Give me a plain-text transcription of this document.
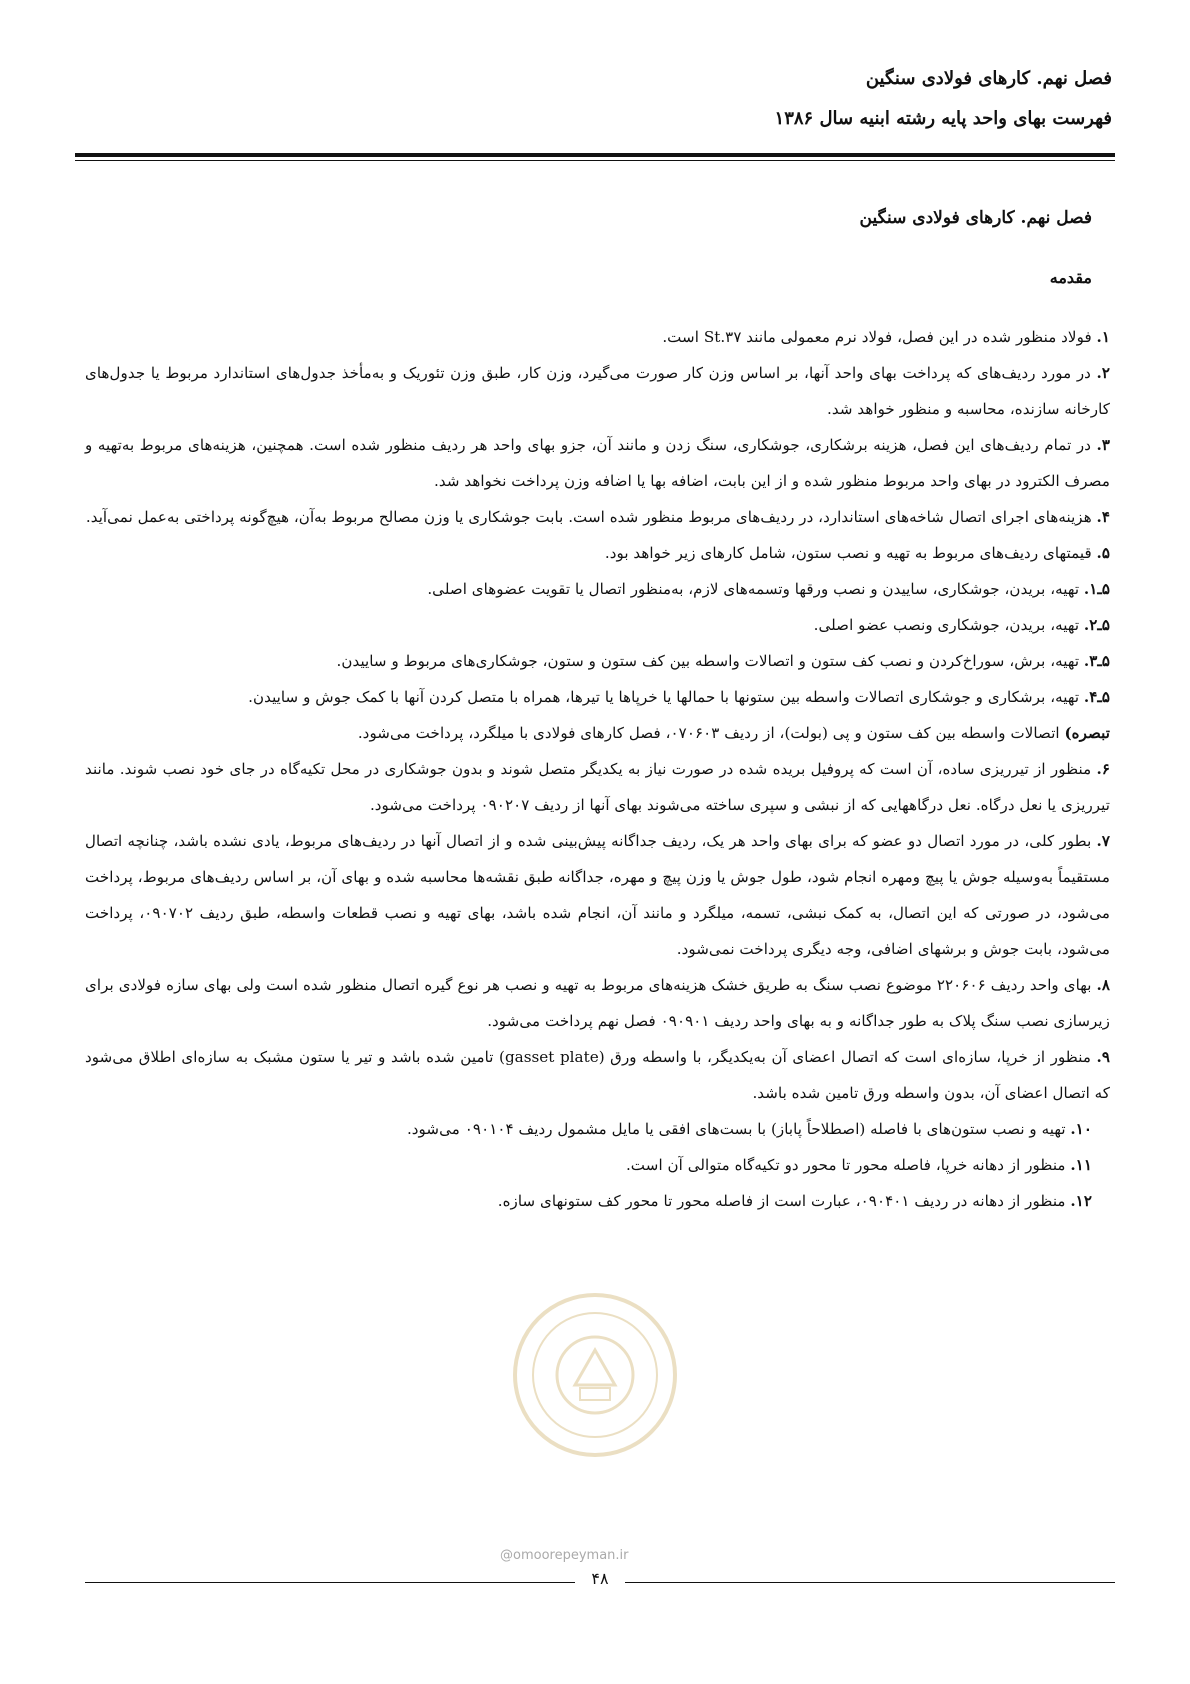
فصل نهم. کارهای فولادی سنگین
فهرست بهای واحد پایه رشته ابنیه سال ۱۳۸۶
فصل نهم. کارهای فولادی سنگین
مقدمه

۱. فولاد منظور شده در این فصل، فولاد نرم معمولی مانند St.۳۷ است.

۲. در مورد ردیف‌های که پرداخت بهای واحد آنها، بر اساس وزن کار صورت می‌گیرد، وزن کار، طبق وزن تئوریک و به‌مأخذ جدول‌های استاندارد مربوط یا جدول‌های کارخانه سازنده، محاسبه و منظور خواهد شد.

۳. در تمام ردیف‌های این فصل، هزینه برشکاری، جوشکاری، سنگ زدن و مانند آن، جزو بهای واحد هر ردیف منظور شده است. همچنین، هزینه‌های مربوط به‌تهیه و مصرف الکترود در بهای واحد مربوط منظور شده و از این بابت، اضافه بها یا اضافه وزن پرداخت نخواهد شد.

۴. هزینه‌های اجرای اتصال شاخه‌های استاندارد، در ردیف‌های مربوط منظور شده است. بابت جوشکاری یا وزن مصالح مربوط به‌آن، هیچ‌گونه پرداختی به‌عمل نمی‌آید.

۵. قیمتهای ردیف‌های مربوط به تهیه و نصب ستون، شامل کارهای زیر خواهد بود.

۵ـ۱. تهیه، بریدن، جوشکاری، ساییدن و نصب ورقها وتسمه‌های لازم، به‌منظور اتصال یا تقویت عضوهای اصلی.

۵ـ۲. تهیه، بریدن، جوشکاری ونصب عضو اصلی.

۵ـ۳. تهیه، برش، سوراخ‌کردن و نصب کف ستون و اتصالات واسطه بین کف ستون و ستون، جوشکاری‌های مربوط و ساییدن.

۵ـ۴. تهیه، برشکاری و جوشکاری اتصالات واسطه بین ستونها با حمالها یا خرپاها یا تیرها، همراه با متصل کردن آنها با کمک جوش و ساییدن.

تبصره) اتصالات واسطه بین کف ستون و پی (بولت)، از ردیف ۰۷۰۶۰۳، فصل کارهای فولادی با میلگرد، پرداخت می‌شود.

۶. منظور از تیرریزی ساده، آن است که پروفیل بریده شده در صورت نیاز به یکدیگر متصل شوند و بدون جوشکاری در محل تکیه‌گاه در جای خود نصب شوند. مانند تیرریزی یا نعل درگاه. نعل درگاههایی که از نبشی و سپری ساخته می‌شوند بهای آنها از ردیف ۰۹۰۲۰۷ پرداخت می‌شود.

۷. بطور کلی، در مورد اتصال دو عضو که برای بهای واحد هر یک، ردیف جداگانه پیش‌بینی شده و از اتصال آنها در ردیف‌های مربوط، یادی نشده باشد، چنانچه اتصال مستقیماً به‌وسیله جوش یا پیچ ومهره انجام شود، طول جوش یا وزن پیچ و مهره، جداگانه طبق نقشه‌ها محاسبه شده و بهای آن، بر اساس ردیف‌های مربوط، پرداخت می‌شود، در صورتی که این اتصال، به کمک نبشی، تسمه، میلگرد و مانند آن، انجام شده باشد، بهای تهیه و نصب قطعات واسطه، طبق ردیف ۰۹۰۷۰۲، پرداخت می‌شود، بابت جوش و برشهای اضافی، وجه دیگری پرداخت نمی‌شود.

۸. بهای واحد ردیف ۲۲۰۶۰۶ موضوع نصب سنگ به طریق خشک هزینه‌های مربوط به تهیه و نصب هر نوع گیره اتصال منظور شده است ولی بهای سازه فولادی برای زیرسازی نصب سنگ پلاک به طور جداگانه و به بهای واحد ردیف ۰۹۰۹۰۱ فصل نهم پرداخت می‌شود.

۹. منظور از خرپا، سازه‌ای است که اتصال اعضای آن به‌یکدیگر، با واسطه ورق (gasset plate) تامین شده باشد و تیر یا ستون مشبک به سازه‌ای اطلاق می‌شود که اتصال اعضای آن، بدون واسطه ورق تامین شده باشد.

۱۰. تهیه و نصب ستون‌های با فاصله (اصطلاحاً پاباز) با بست‌های افقی یا مایل مشمول ردیف ۰۹۰۱۰۴ می‌شود.

۱۱. منظور از دهانه خرپا، فاصله محور تا محور دو تکیه‌گاه متوالی آن است.

۱۲. منظور از دهانه در ردیف ۰۹۰۴۰۱، عبارت است از فاصله محور تا محور کف ستونهای سازه.

@omoorepeyman.ir
۴۸
